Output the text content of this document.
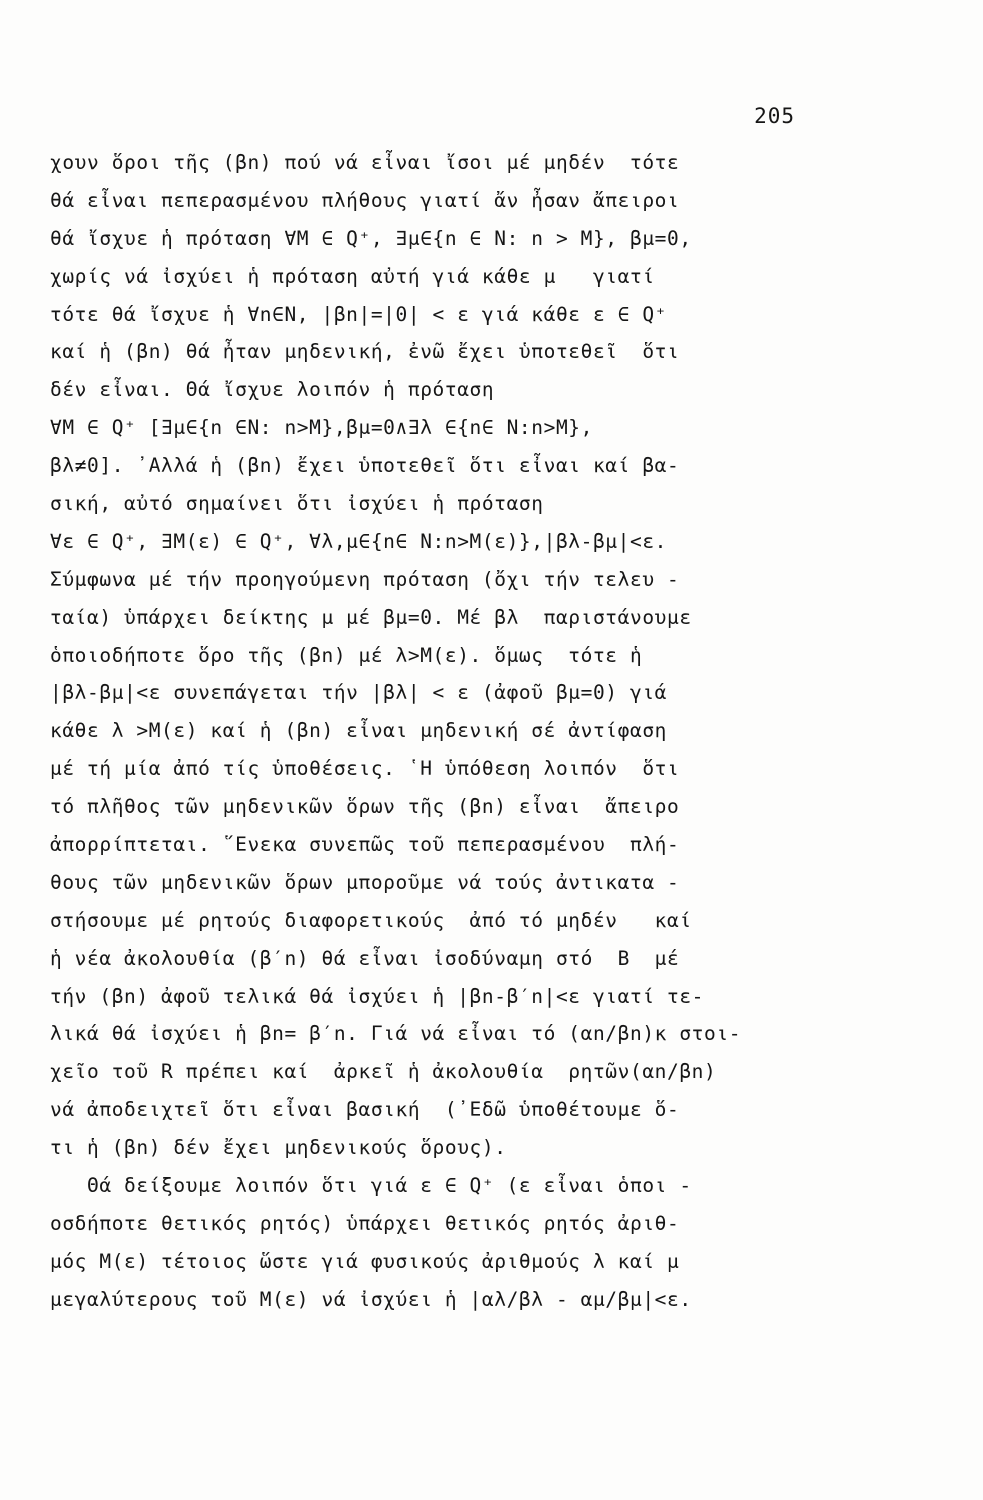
205
χουν ὅροι τῆς (βn) πού νά εἶναι ἴσοι μέ μηδέν  τότε
θά εἶναι πεπερασμένου πλήθους γιατί ἄν ἦσαν ἄπειροι
θά ἴσχυε ἡ πρόταση ∀M ∈ Q⁺, ∃μ∈{n ∈ N: n > M}, βμ=0,
χωρίς νά ἰσχύει ἡ πρόταση αὐτή γιά κάθε μ   γιατί
τότε θά ἴσχυε ἡ ∀n∈N, |βn|=|0| < ε γιά κάθε ε ∈ Q⁺
καί ἡ (βn) θά ἦταν μηδενική, ἐνῶ ἔχει ὑποτεθεῖ  ὅτι
δέν εἶναι. Θά ἴσχυε λοιπόν ἡ πρόταση
∀M ∈ Q⁺ [∃μ∈{n ∈N: n>M},βμ=0∧∃λ ∈{n∈ N:n>M},
βλ≠0]. ᾿Αλλά ἡ (βn) ἔχει ὑποτεθεῖ ὅτι εἶναι καί βα-
σική, αὐτό σημαίνει ὅτι ἰσχύει ἡ πρόταση
∀ε ∈ Q⁺, ∃M(ε) ∈ Q⁺, ∀λ,μ∈{n∈ N:n>M(ε)},|βλ-βμ|<ε.
Σύμφωνα μέ τήν προηγούμενη πρόταση (ὄχι τήν τελευ -
ταία) ὑπάρχει δείκτης μ μέ βμ=0. Μέ βλ  παριστάνουμε
ὁποιοδήποτε ὅρο τῆς (βn) μέ λ>M(ε). ὅμως  τότε ἡ
|βλ-βμ|<ε συνεπάγεται τήν |βλ| < ε (ἀφοῦ βμ=0) γιά
κάθε λ >M(ε) καί ἡ (βn) εἶναι μηδενική σέ ἀντίφαση
μέ τή μία ἀπό τίς ὑποθέσεις. ῾Η ὑπόθεση λοιπόν  ὅτι
τό πλῆθος τῶν μηδενικῶν ὅρων τῆς (βn) εἶναι  ἄπειρο
ἀπορρίπτεται. ῞Ενεκα συνεπῶς τοῦ πεπερασμένου  πλή-
θους τῶν μηδενικῶν ὅρων μποροῦμε νά τούς ἀντικατα -
στήσουμε μέ ρητούς διαφορετικούς  ἀπό τό μηδέν   καί
ἡ νέα ἀκολουθία (β′n) θά εἶναι ἰσοδύναμη στό  B  μέ
τήν (βn) ἀφοῦ τελικά θά ἰσχύει ἡ |βn-β′n|<ε γιατί τε-
λικά θά ἰσχύει ἡ βn= β′n. Γιά νά εἶναι τό (αn/βn)κ στοι-
χεῖο τοῦ R πρέπει καί  ἀρκεῖ ἡ ἀκολουθία  ρητῶν(αn/βn)
νά ἀποδειχτεῖ ὅτι εἶναι βασική  (᾿Εδῶ ὑποθέτουμε ὅ-
τι ἡ (βn) δέν ἔχει μηδενικούς ὅρους).
Θά δείξουμε λοιπόν ὅτι γιά ε ∈ Q⁺ (ε εἶναι ὁποι -
οσδήποτε θετικός ρητός) ὑπάρχει θετικός ρητός ἀριθ-
μός M(ε) τέτοιος ὥστε γιά φυσικούς ἀριθμούς λ καί μ
μεγαλύτερους τοῦ M(ε) νά ἰσχύει ἡ |αλ/βλ - αμ/βμ|<ε.
